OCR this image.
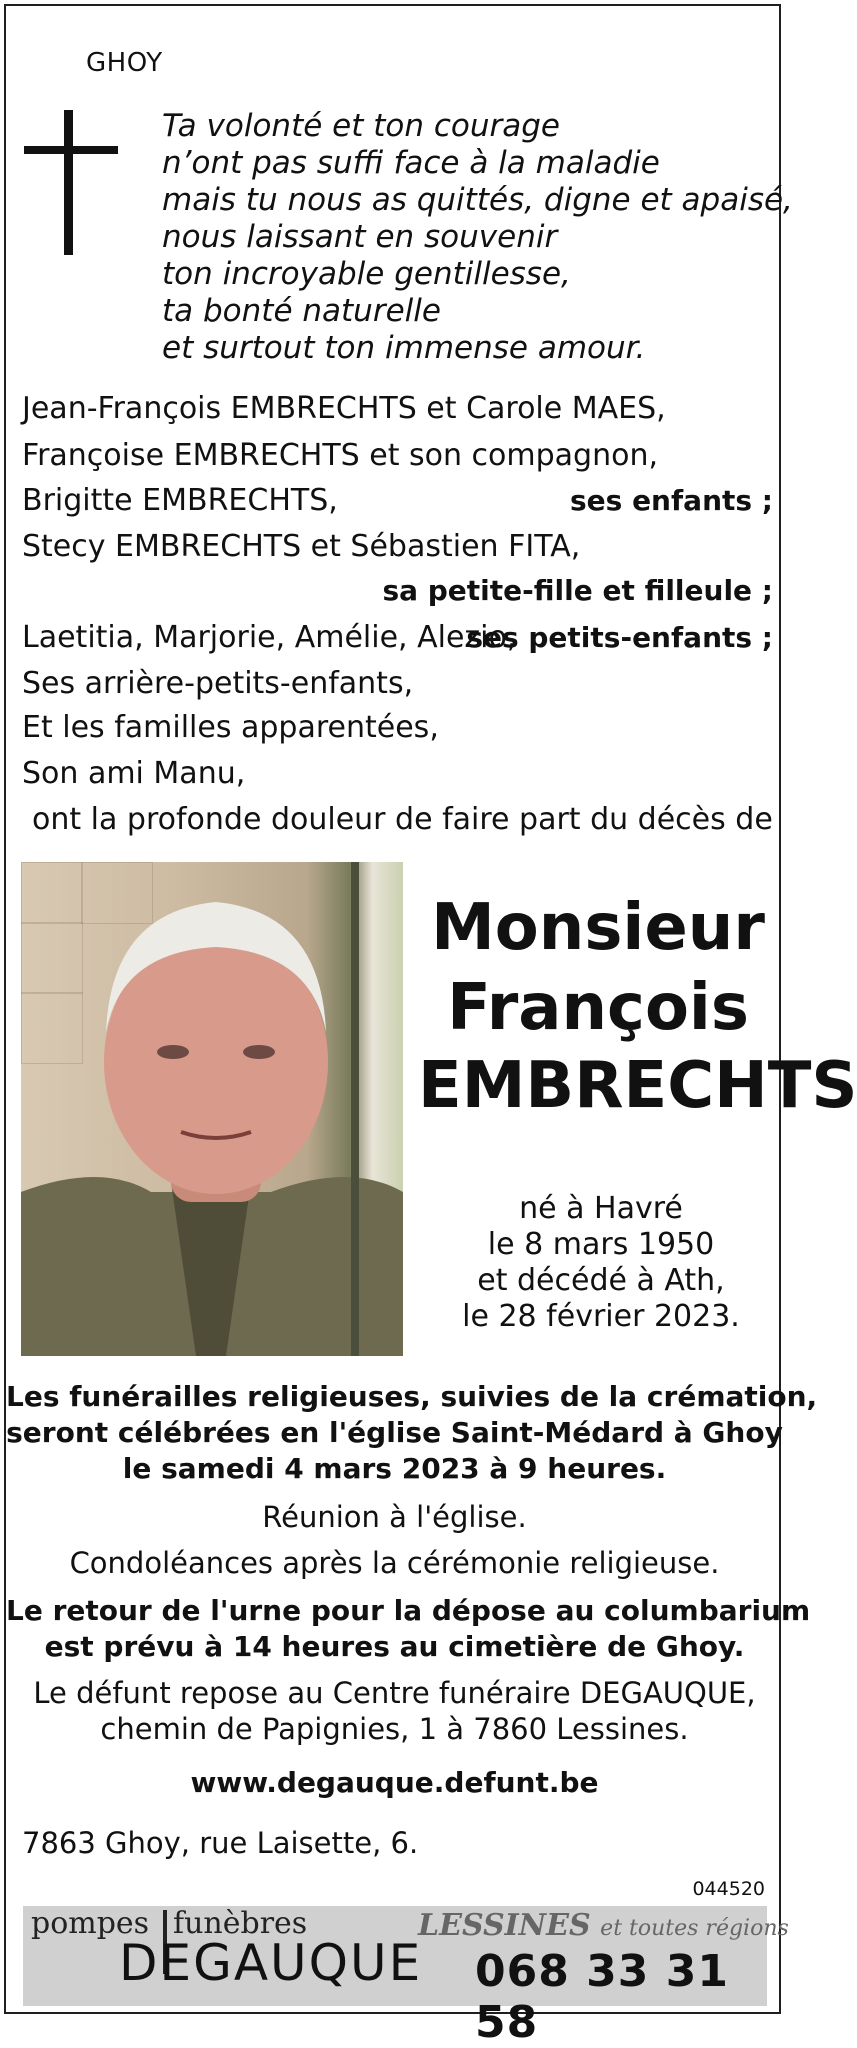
GHOY
Ta volonté et ton courage
n’ont pas suffi face à la maladie
mais tu nous as quittés, digne et apaisé,
nous laissant en souvenir
ton incroyable gentillesse,
ta bonté naturelle
et surtout ton immense amour.
Jean-François EMBRECHTS et Carole MAES,
Françoise EMBRECHTS et son compagnon,
Brigitte EMBRECHTS,	ses enfants ;
Stecy EMBRECHTS et Sébastien FITA,
sa petite-fille et filleule ;
Laetitia, Marjorie, Amélie, Alezio,
ses petits-enfants ;
Ses arrière-petits-enfants,
Et les familles apparentées,
Son ami Manu,
ont la profonde douleur de faire part du décès de
Monsieur
François
EMBRECHTS
né à Havré
le 8 mars 1950
et décédé à Ath,
le 28 février 2023.
Les funérailles religieuses, suivies de la crémation,
seront célébrées en l'église Saint-Médard à Ghoy
le samedi 4 mars 2023 à 9 heures.
Réunion à l'église.
Condoléances après la cérémonie religieuse.
Le retour de l'urne pour la dépose au columbarium
est prévu à 14 heures au cimetière de Ghoy.
Le défunt repose au Centre funéraire DEGAUQUE,
chemin de Papignies, 1 à 7860 Lessines.
www.degauque.defunt.be
7863 Ghoy, rue Laisette, 6.
044520
pompes funèbres
DEGAUQUE
LESSINES et toutes régions
068 33 31 58
